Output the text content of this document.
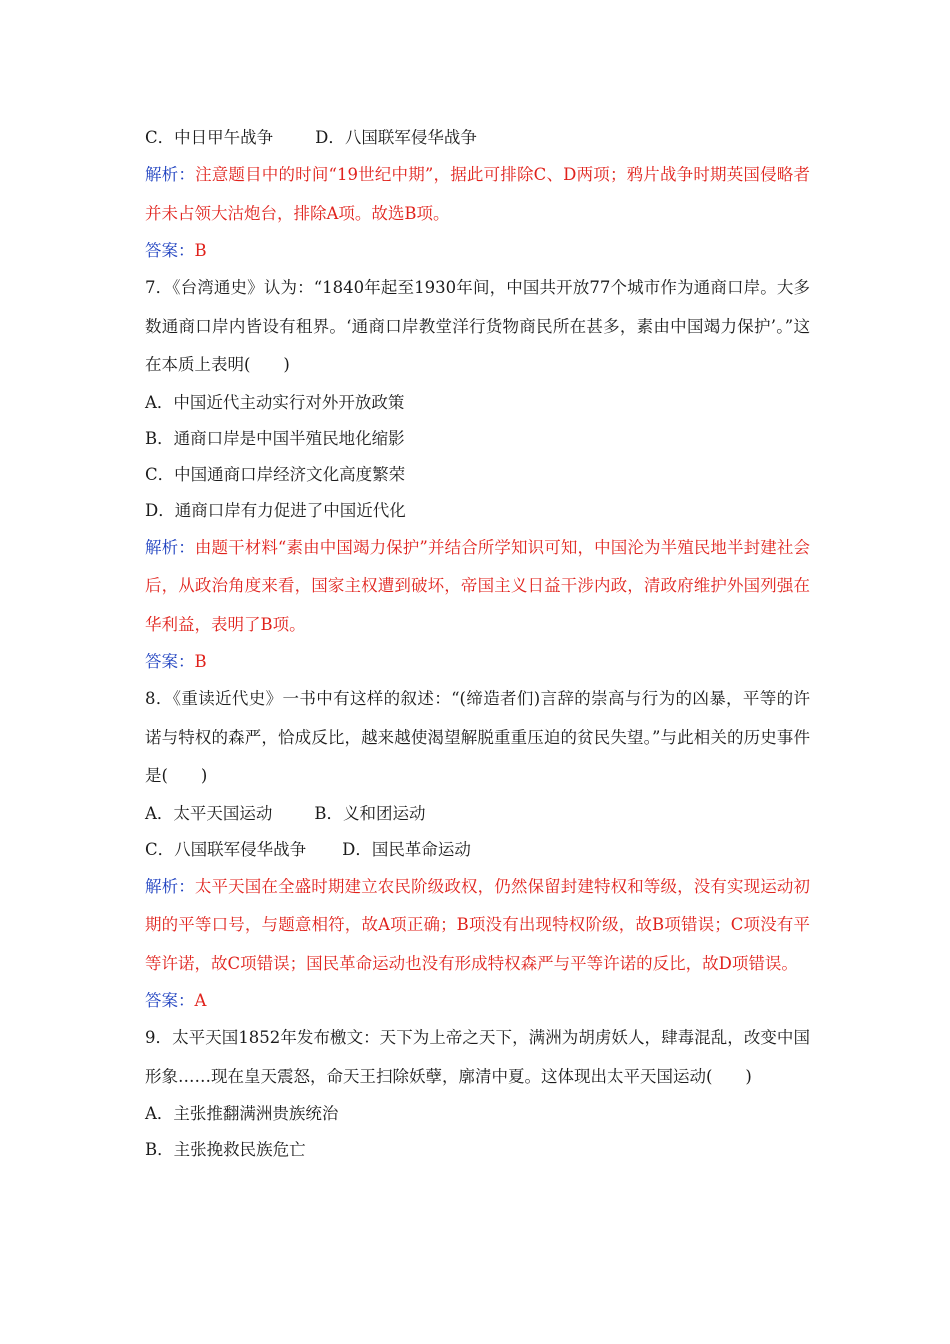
C．中日甲午战争	D．八国联军侵华战争
解析：注意题目中的时间“19世纪中期”，据此可排除C、D两项；鸦片战争时期英国侵略者并未占领大沽炮台，排除A项。故选B项。
答案：B
7．《台湾通史》认为：“1840年起至1930年间，中国共开放77个城市作为通商口岸。大多数通商口岸内皆设有租界。‘通商口岸教堂洋行货物商民所在甚多，素由中国竭力保护’。”这在本质上表明(　　)
A．中国近代主动实行对外开放政策
B．通商口岸是中国半殖民地化缩影
C．中国通商口岸经济文化高度繁荣
D．通商口岸有力促进了中国近代化
解析：由题干材料“素由中国竭力保护”并结合所学知识可知，中国沦为半殖民地半封建社会后，从政治角度来看，国家主权遭到破坏，帝国主义日益干涉内政，清政府维护外国列强在华利益，表明了B项。
答案：B
8．《重读近代史》一书中有这样的叙述：“(缔造者们)言辞的崇高与行为的凶暴，平等的许诺与特权的森严，恰成反比，越来越使渴望解脱重重压迫的贫民失望。”与此相关的历史事件是(　　)
A．太平天国运动	B．义和团运动
C．八国联军侵华战争 D．国民革命运动
解析：太平天国在全盛时期建立农民阶级政权，仍然保留封建特权和等级，没有实现运动初期的平等口号，与题意相符，故A项正确；B项没有出现特权阶级，故B项错误；C项没有平等许诺，故C项错误；国民革命运动也没有形成特权森严与平等许诺的反比，故D项错误。
答案：A
9．太平天国1852年发布檄文：天下为上帝之天下，满洲为胡虏妖人，肆毒混乱，改变中国形象……现在皇天震怒，命天王扫除妖孽，廓清中夏。这体现出太平天国运动(　　)
A．主张推翻满洲贵族统治
B．主张挽救民族危亡
